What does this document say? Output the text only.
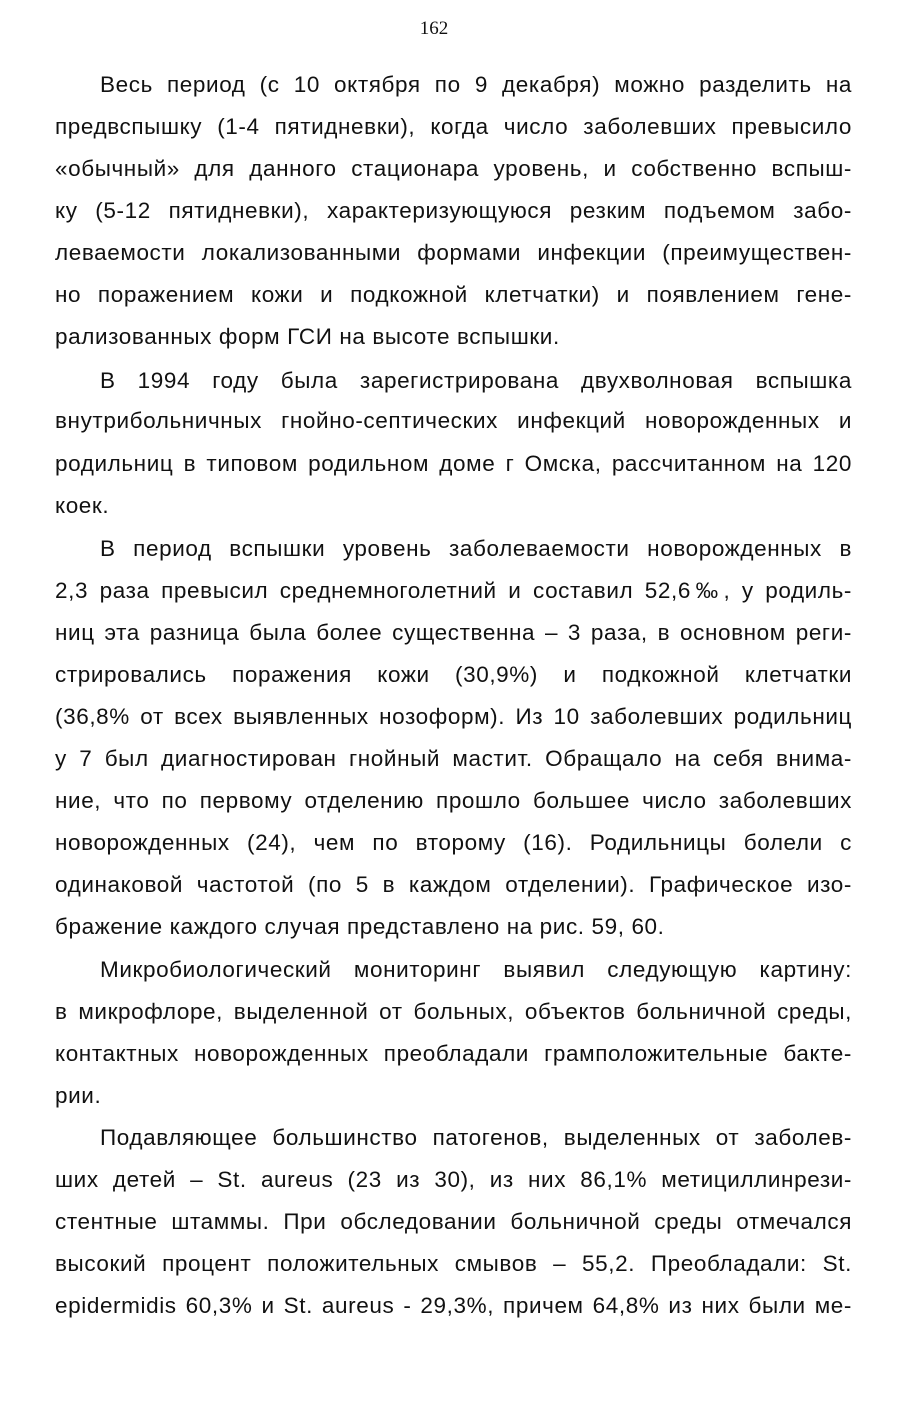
162
Весь период (с 10 октября по 9 декабря) можно разделить на
предвспышку (1-4 пятидневки), когда число заболевших превысило
«обычный» для данного стационара уровень, и собственно вспыш-
ку (5-12 пятидневки), характеризующуюся резким подъемом забо-
леваемости локализованными формами инфекции (преимуществен-
но поражением кожи и подкожной клетчатки) и появлением гене-
рализованных форм ГСИ на высоте вспышки.
В 1994 году была зарегистрирована двухволновая вспышка
внутрибольничных гнойно-септических инфекций новорожденных и
родильниц в типовом родильном доме г Омска, рассчитанном на 120
коек.
В период вспышки уровень заболеваемости новорожденных в
2,3 раза превысил среднемноголетний и составил 52,6‰, у родиль-
ниц эта разница была более существенна – 3 раза, в основном реги-
стрировались поражения кожи (30,9%) и подкожной клетчатки
(36,8% от всех выявленных нозоформ). Из 10 заболевших родильниц
у 7 был диагностирован гнойный мастит. Обращало на себя внима-
ние, что по первому отделению прошло большее число заболевших
новорожденных (24), чем по второму (16). Родильницы болели с
одинаковой частотой (по 5 в каждом отделении). Графическое изо-
бражение каждого случая представлено на рис. 59, 60.
Микробиологический мониторинг выявил следующую картину:
в микрофлоре, выделенной от больных, объектов больничной среды,
контактных новорожденных преобладали грамположительные бакте-
рии.
Подавляющее большинство патогенов, выделенных от заболев-
ших детей – St. aureus (23 из 30), из них 86,1% метициллинрези-
стентные штаммы. При обследовании больничной среды отмечался
высокий процент положительных смывов – 55,2. Преобладали: St.
epidermidis 60,3% и St. aureus - 29,3%, причем 64,8% из них были ме-
